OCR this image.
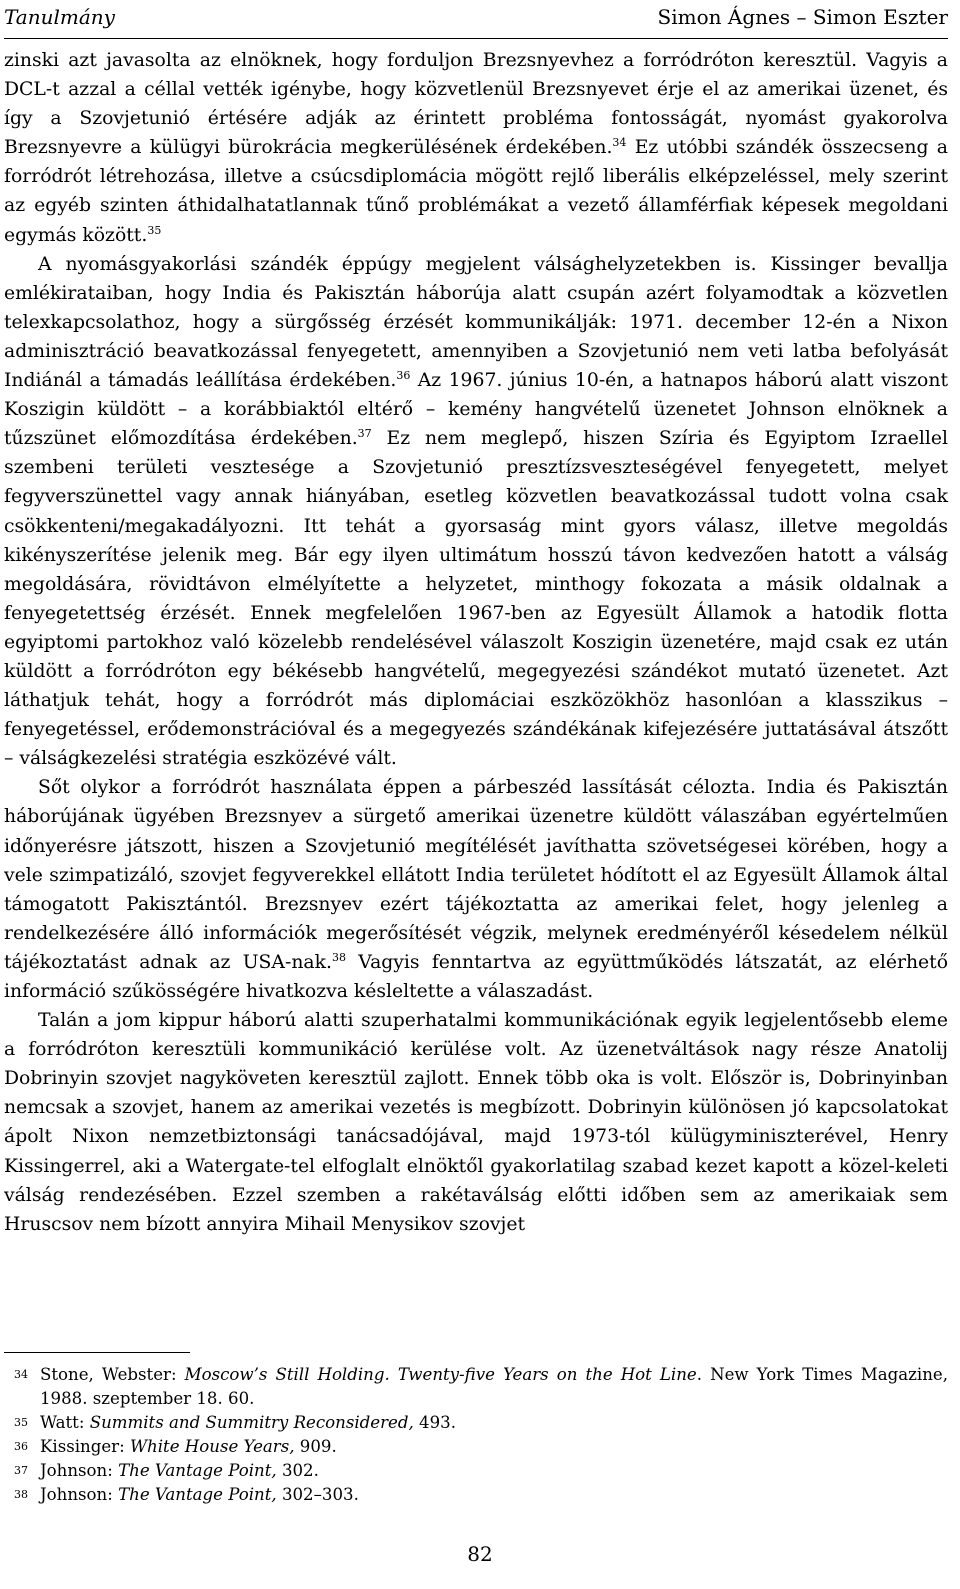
Tanulmány	Simon Ágnes – Simon Eszter

zinski azt javasolta az elnöknek, hogy forduljon Brezsnyevhez a forródróton keresztül. Vagyis a DCL-t azzal a céllal vették igénybe, hogy közvetlenül Brezsnyevet érje el az amerikai üzenet, és így a Szovjetunió értésére adják az érintett probléma fontosságát, nyomást gyakorolva Brezsnyevre a külügyi bürokrácia megkerülésének érdekében.$^{34}$ Ez utóbbi szándék összecseng a forródrót létrehozása, illetve a csúcsdiplomácia mögött rejlő liberális elképzeléssel, mely szerint az egyéb szinten áthidalhatatlannak tűnő problémákat a vezető államférfiak képesek megoldani egymás között.$^{35}$

A nyomásgyakorlási szándék éppúgy megjelent válsághelyzetekben is. Kissinger bevallja emlékirataiban, hogy India és Pakisztán háborúja alatt csupán azért folyamodtak a közvetlen telexkapcsolathoz, hogy a sürgősség érzését kommunikálják: 1971. december 12-én a Nixon adminisztráció beavatkozással fenyegetett, amennyiben a Szovjetunió nem veti latba befolyását Indiánál a támadás leállítása érdekében.$^{36}$ Az 1967. június 10-én, a hatnapos háború alatt viszont Koszigin küldött – a korábbiaktól eltérő – kemény hangvételű üzenetet Johnson elnöknek a tűzszünet előmozdítása érdekében.$^{37}$ Ez nem meglepő, hiszen Szíria és Egyiptom Izraellel szembeni területi vesztesége a Szovjetunió presztízsveszteségével fenyegetett, melyet fegyverszünettel vagy annak hiányában, esetleg közvetlen beavatkozással tudott volna csak csökkenteni/megakadályozni. Itt tehát a gyorsaság mint gyors válasz, illetve megoldás kikényszerítése jelenik meg. Bár egy ilyen ultimátum hosszú távon kedvezően hatott a válság megoldására, rövidtávon elmélyítette a helyzetet, minthogy fokozata a másik oldalnak a fenyegetettség érzését. Ennek megfelelően 1967-ben az Egyesült Államok a hatodik flotta egyiptomi partokhoz való közelebb rendelésével válaszolt Koszigin üzenetére, majd csak ez után küldött a forródróton egy békésebb hangvételű, megegyezési szándékot mutató üzenetet. Azt láthatjuk tehát, hogy a forródrót más diplomáciai eszközökhöz hasonlóan a klasszikus – fenyegetéssel, erődemonstrációval és a megegyezés szándékának kifejezésére juttatásával átszőtt – válságkezelési stratégia eszközévé vált.

Sőt olykor a forródrót használata éppen a párbeszéd lassítását célozta. India és Pakisztán háborújának ügyében Brezsnyev a sürgető amerikai üzenetre küldött válaszában egyértelműen időnyerésre játszott, hiszen a Szovjetunió megítélését javíthatta szövetségesei körében, hogy a vele szimpatizáló, szovjet fegyverekkel ellátott India területet hódított el az Egyesült Államok által támogatott Pakisztántól. Brezsnyev ezért tájékoztatta az amerikai felet, hogy jelenleg a rendelkezésére álló információk megerősítését végzik, melynek eredményéről késedelem nélkül tájékoztatást adnak az USA-nak.$^{38}$ Vagyis fenntartva az együttműködés látszatát, az elérhető információ szűkösségére hivatkozva késleltette a válaszadást.

Talán a jom kippur háború alatti szuperhatalmi kommunikációnak egyik legjelentősebb eleme a forródróton keresztüli kommunikáció kerülése volt. Az üzenetváltások nagy része Anatolij Dobrinyin szovjet nagyköveten keresztül zajlott. Ennek több oka is volt. Először is, Dobrinyinban nemcsak a szovjet, hanem az amerikai vezetés is megbízott. Dobrinyin különösen jó kapcsolatokat ápolt Nixon nemzetbiztonsági tanácsadójával, majd 1973-tól külügyminiszterével, Henry Kissingerrel, aki a Watergate-tel elfoglalt elnöktől gyakorlatilag szabad kezet kapott a közel-keleti válság rendezésében. Ezzel szemben a rakétaválság előtti időben sem az amerikaiak sem Hruscsov nem bízott annyira Mihail Menysikov szovjet

34 Stone, Webster: Moscow’s Still Holding. Twenty-five Years on the Hot Line. New York Times Magazine, 1988. szeptember 18. 60.

35 Watt: Summits and Summitry Reconsidered, 493.

36 Kissinger: White House Years, 909.

37 Johnson: The Vantage Point, 302.

38 Johnson: The Vantage Point, 302–303.

82
